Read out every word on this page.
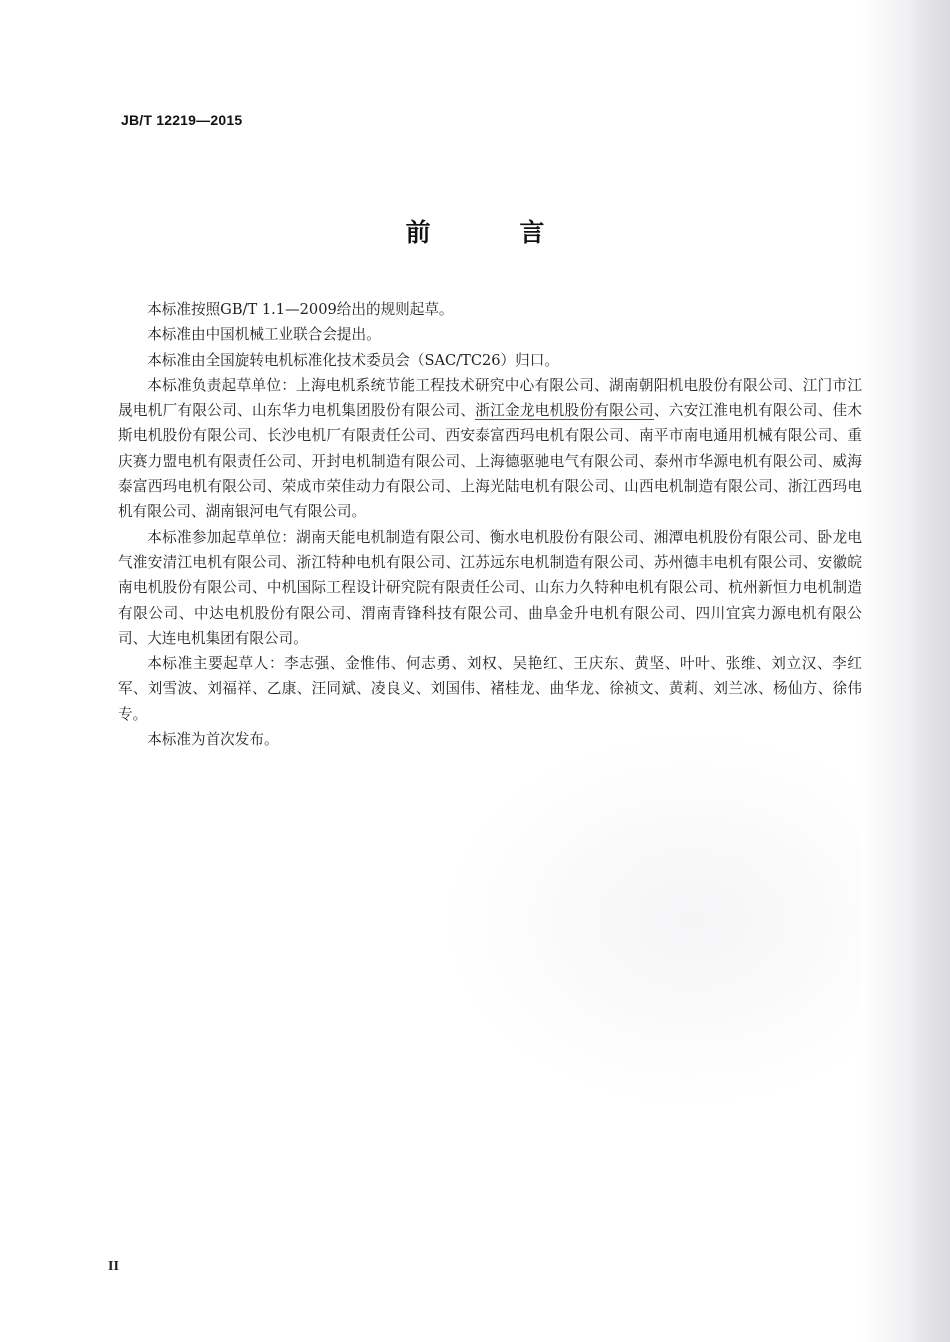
JB/T 12219—2015
前 言

本标准按照GB/T 1.1—2009给出的规则起草。

本标准由中国机械工业联合会提出。

本标准由全国旋转电机标准化技术委员会（SAC/TC26）归口。

本标准负责起草单位：上海电机系统节能工程技术研究中心有限公司、湖南朝阳机电股份有限公司、江门市江晟电机厂有限公司、山东华力电机集团股份有限公司、浙江金龙电机股份有限公司、六安江淮电机有限公司、佳木斯电机股份有限公司、长沙电机厂有限责任公司、西安泰富西玛电机有限公司、南平市南电通用机械有限公司、重庆赛力盟电机有限责任公司、开封电机制造有限公司、上海德驱驰电气有限公司、泰州市华源电机有限公司、威海泰富西玛电机有限公司、荣成市荣佳动力有限公司、上海光陆电机有限公司、山西电机制造有限公司、浙江西玛电机有限公司、湖南银河电气有限公司。

本标准参加起草单位：湖南天能电机制造有限公司、衡水电机股份有限公司、湘潭电机股份有限公司、卧龙电气淮安清江电机有限公司、浙江特种电机有限公司、江苏远东电机制造有限公司、苏州德丰电机有限公司、安徽皖南电机股份有限公司、中机国际工程设计研究院有限责任公司、山东力久特种电机有限公司、杭州新恒力电机制造有限公司、中达电机股份有限公司、渭南青锋科技有限公司、曲阜金升电机有限公司、四川宜宾力源电机有限公司、大连电机集团有限公司。

本标准主要起草人：李志强、金惟伟、何志勇、刘权、吴艳红、王庆东、黄坚、叶叶、张维、刘立汉、李红军、刘雪波、刘福祥、乙康、汪同斌、凌良义、刘国伟、褚桂龙、曲华龙、徐祯文、黄莉、刘兰冰、杨仙方、徐伟专。

本标准为首次发布。

II
